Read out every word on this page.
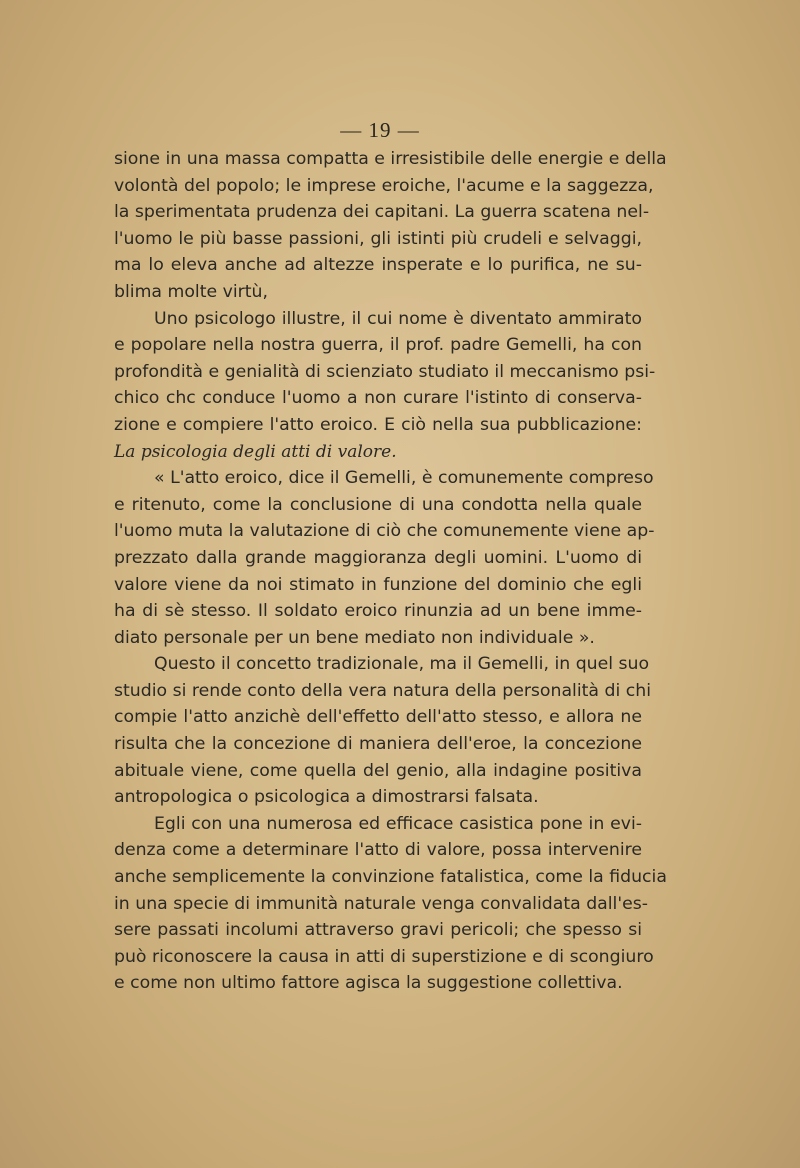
— 19 —
sione in una massa compatta e irresistibile delle energie e della
volontà del popolo; le imprese eroiche, l'acume e la saggezza,
la sperimentata prudenza dei capitani. La guerra scatena nel-
l'uomo le più basse passioni, gli istinti più crudeli e selvaggi,
ma lo eleva anche ad altezze insperate e lo purifica, ne su-
blima molte virtù,
Uno psicologo illustre, il cui nome è diventato ammirato
e popolare nella nostra guerra, il prof. padre Gemelli, ha con
profondità e genialità di scienziato studiato il meccanismo psi-
chico chc conduce l'uomo a non curare l'istinto di conserva-
zione e compiere l'atto eroico. E ciò nella sua pubblicazione:
La psicologia degli atti di valore.
« L'atto eroico, dice il Gemelli, è comunemente compreso
e ritenuto, come la conclusione di una condotta nella quale
l'uomo muta la valutazione di ciò che comunemente viene ap-
prezzato dalla grande maggioranza degli uomini. L'uomo di
valore viene da noi stimato in funzione del dominio che egli
ha di sè stesso. Il soldato eroico rinunzia ad un bene imme-
diato personale per un bene mediato non individuale ».
Questo il concetto tradizionale, ma il Gemelli, in quel suo
studio si rende conto della vera natura della personalità di chi
compie l'atto anzichè dell'effetto dell'atto stesso, e allora ne
risulta che la concezione di maniera dell'eroe, la concezione
abituale viene, come quella del genio, alla indagine positiva
antropologica o psicologica a dimostrarsi falsata.
Egli con una numerosa ed efficace casistica pone in evi-
denza come a determinare l'atto di valore, possa intervenire
anche semplicemente la convinzione fatalistica, come la fiducia
in una specie di immunità naturale venga convalidata dall'es-
sere passati incolumi attraverso gravi pericoli; che spesso si
può riconoscere la causa in atti di superstizione e di scongiuro
e come non ultimo fattore agisca la suggestione collettiva.
